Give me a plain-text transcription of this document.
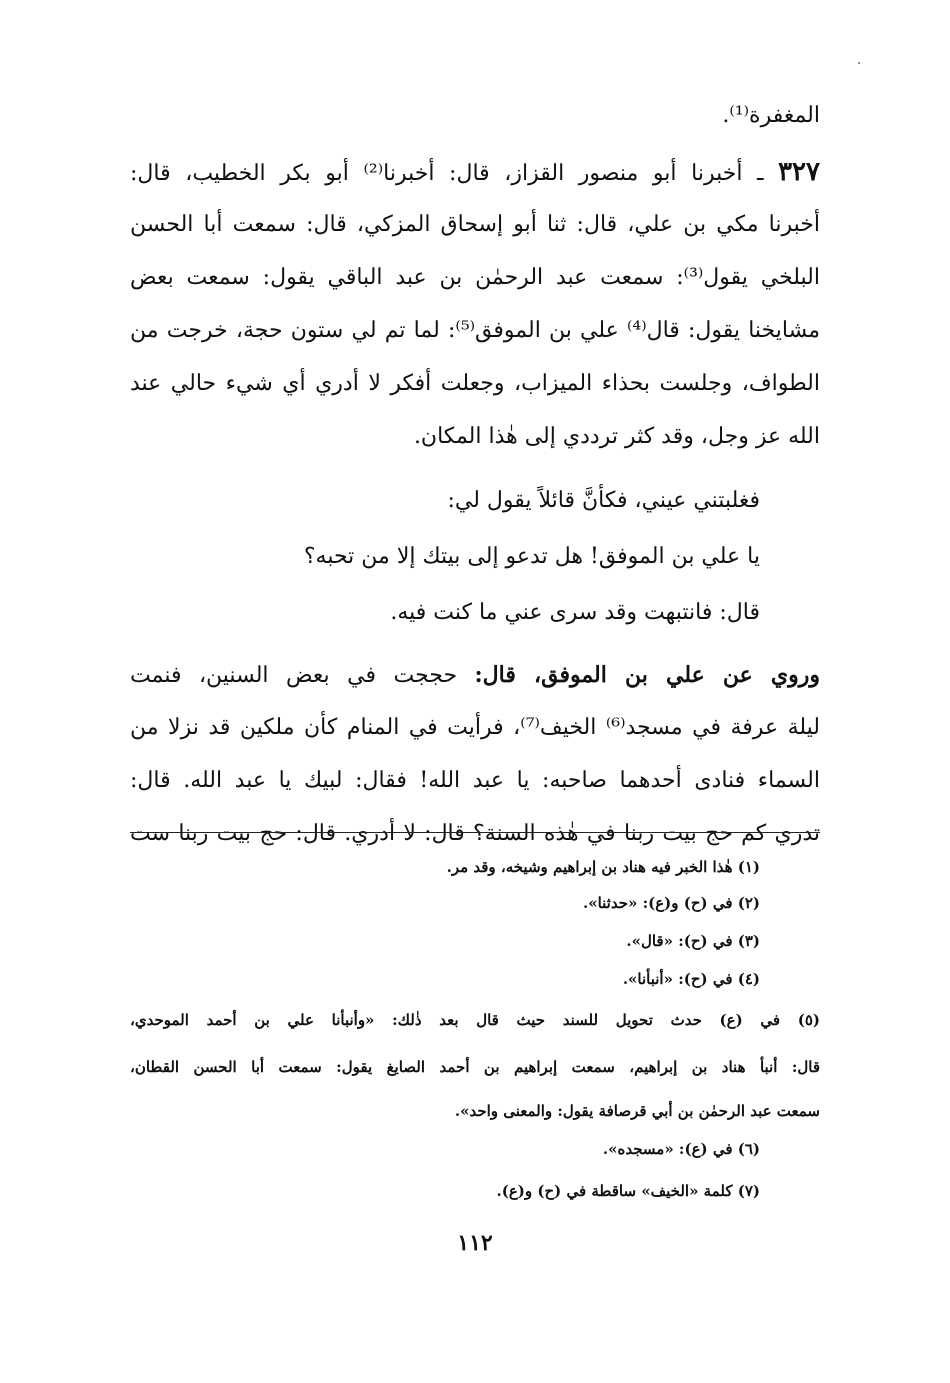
المغفرة⁽¹⁾.
٣٢٧ ـ أخبرنا أبو منصور القزاز، قال: أخبرنا⁽²⁾ أبو بكر الخطيب، قال:
أخبرنا مكي بن علي، قال: ثنا أبو إسحاق المزكي، قال: سمعت أبا الحسن
البلخي يقول⁽³⁾: سمعت عبد الرحمٰن بن عبد الباقي يقول: سمعت بعض
مشايخنا يقول: قال⁽⁴⁾ علي بن الموفق⁽⁵⁾: لما تم لي ستون حجة، خرجت من
الطواف، وجلست بحذاء الميزاب، وجعلت أفكر لا أدري أي شيء حالي عند
الله عز وجل، وقد كثر ترددي إلى هٰذا المكان.
فغلبتني عيني، فكأنَّ قائلاً يقول لي:
يا علي بن الموفق! هل تدعو إلى بيتك إلا من تحبه؟
قال: فانتبهت وقد سرى عني ما كنت فيه.
وروي عن علي بن الموفق، قال: حججت في بعض السنين، فنمت
ليلة عرفة في مسجد⁽⁶⁾ الخيف⁽⁷⁾، فرأيت في المنام كأن ملكين قد نزلا من
السماء فنادى أحدهما صاحبه: يا عبد الله! فقال: لبيك يا عبد الله. قال:
تدري كم حج بيت ربنا في هٰذه السنة؟ قال: لا أدري. قال: حج بيت ربنا ست
(١) هٰذا الخبر فيه هناد بن إبراهيم وشيخه، وقد مر.
(٢) في (ح) و(ع): «حدثنا».
(٣) في (ح): «قال».
(٤) في (ح): «أنبأنا».
(٥) في (ع) حدث تحويل للسند حيث قال بعد ذٰلك: «وأنبأنا علي بن أحمد الموحدي،
قال: أنبأ هناد بن إبراهيم، سمعت إبراهيم بن أحمد الصايغ يقول: سمعت أبا الحسن القطان،
سمعت عبد الرحمٰن بن أبي قرصافة يقول: والمعنى واحد».
(٦) في (ع): «مسجده».
(٧) كلمة «الخيف» ساقطة في (ح) و(ع).
١١٢
